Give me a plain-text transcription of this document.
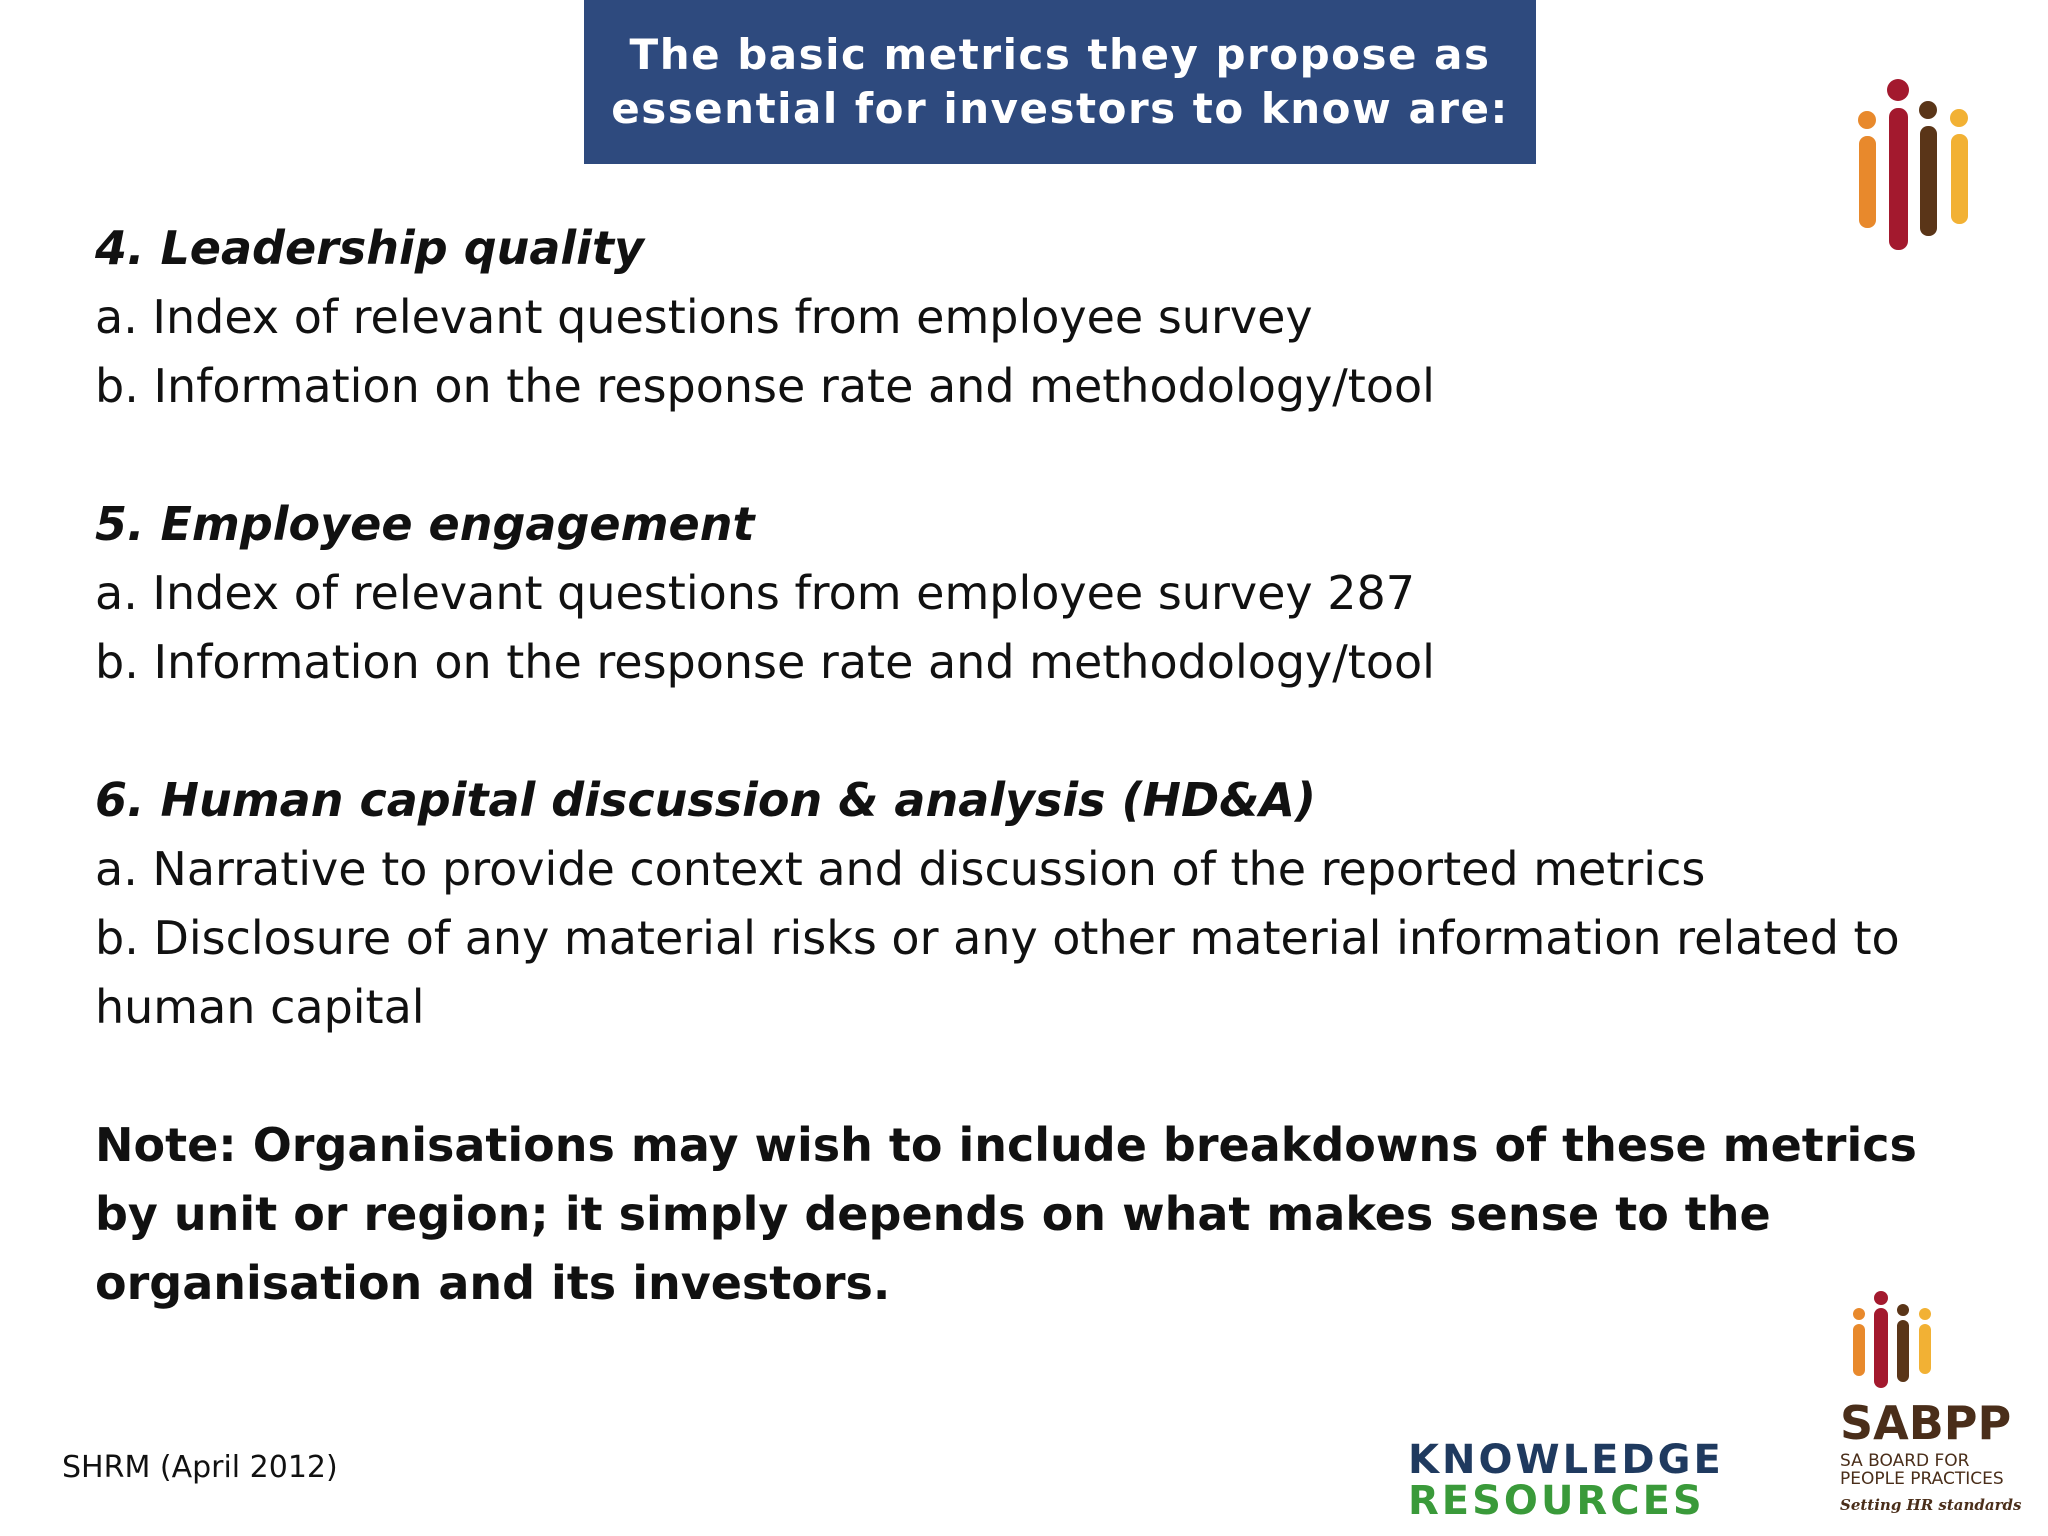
The basic metrics they propose as
essential for investors to know are:
4. Leadership quality
a. Index of relevant questions from employee survey
b. Information on the response rate and methodology/tool
5. Employee engagement
a. Index of relevant questions from employee survey 287
b. Information on the response rate and methodology/tool
6. Human capital discussion & analysis (HD&A)
a. Narrative to provide context and discussion of the reported metrics
b. Disclosure of any material risks or any other material information related to human capital
Note: Organisations may wish to include breakdowns of these metrics by unit or region; it simply depends on what makes sense to the organisation and its investors.
SHRM (April 2012)	KNOWLEDGE
RESOURCES
SABPP
SA BOARD FOR
PEOPLE PRACTICES
Setting HR standards
